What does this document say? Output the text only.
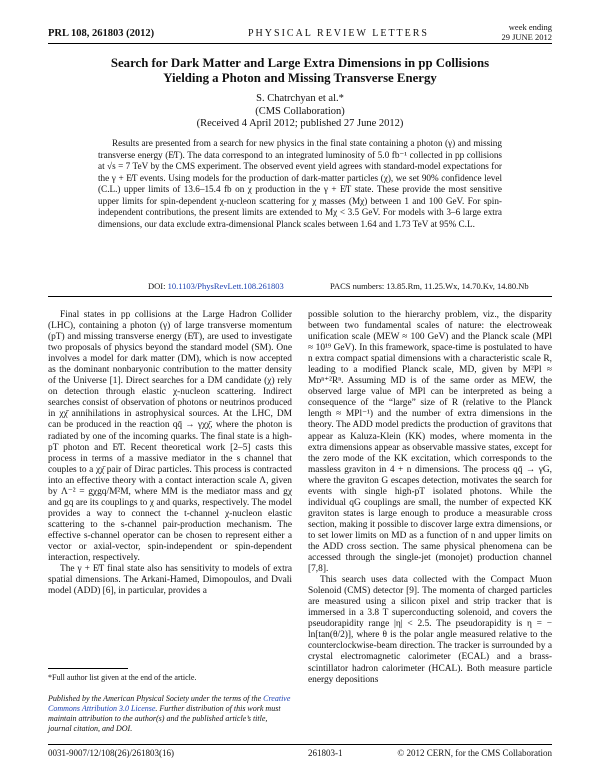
PRL 108, 261803 (2012)	PHYSICAL REVIEW LETTERS
week ending
29 JUNE 2012
Search for Dark Matter and Large Extra Dimensions in pp Collisions
Yielding a Photon and Missing Transverse Energy
S. Chatrchyan et al.*
(CMS Collaboration)
(Received 4 April 2012; published 27 June 2012)

Results are presented from a search for new physics in the final state containing a photon (γ) and missing transverse energy (E̸T). The data correspond to an integrated luminosity of 5.0 fb⁻¹ collected in pp collisions at √s = 7 TeV by the CMS experiment. The observed event yield agrees with standard-model expectations for the γ + E̸T events. Using models for the production of dark-matter particles (χ), we set 90% confidence level (C.L.) upper limits of 13.6–15.4 fb on χ production in the γ + E̸T state. These provide the most sensitive upper limits for spin-dependent χ-nucleon scattering for χ masses (Mχ) between 1 and 100 GeV. For spin-independent contributions, the present limits are extended to Mχ < 3.5 GeV. For models with 3–6 large extra dimensions, our data exclude extra-dimensional Planck scales between 1.64 and 1.73 TeV at 95% C.L.

DOI: 10.1103/PhysRevLett.108.261803	PACS numbers: 13.85.Rm, 11.25.Wx, 14.70.Kv, 14.80.Nb

Final states in pp collisions at the Large Hadron Collider (LHC), containing a photon (γ) of large transverse momentum (pT) and missing transverse energy (E̸T), are used to investigate two proposals of physics beyond the standard model (SM). One involves a model for dark matter (DM), which is now accepted as the dominant nonbaryonic contribution to the matter density of the Universe [1]. Direct searches for a DM candidate (χ) rely on detection through elastic χ-nucleon scattering. Indirect searches consist of observation of photons or neutrinos produced in χχ̄ annihilations in astrophysical sources. At the LHC, DM can be produced in the reaction qq̄ → γχχ̄, where the photon is radiated by one of the incoming quarks. The final state is a high-pT photon and E̸T. Recent theoretical work [2–5] casts this process in terms of a massive mediator in the s channel that couples to a χχ̄ pair of Dirac particles. This process is contracted into an effective theory with a contact interaction scale Λ, given by Λ⁻² = gχgq/M²M, where MM is the mediator mass and gχ and gq are its couplings to χ and quarks, respectively. The model provides a way to connect the t-channel χ-nucleon elastic scattering to the s-channel pair-production mechanism. The effective s-channel operator can be chosen to represent either a vector or axial-vector, spin-independent or spin-dependent interaction, respectively.

The γ + E̸T final state also has sensitivity to models of extra spatial dimensions. The Arkani-Hamed, Dimopoulos, and Dvali model (ADD) [6], in particular, provides a

possible solution to the hierarchy problem, viz., the disparity between two fundamental scales of nature: the electroweak unification scale (MEW ≈ 100 GeV) and the Planck scale (MPl ≈ 10¹⁹ GeV). In this framework, space-time is postulated to have n extra compact spatial dimensions with a characteristic scale R, leading to a modified Planck scale, MD, given by M²Pl ≈ Mᴅⁿ⁺²Rⁿ. Assuming MD is of the same order as MEW, the observed large value of MPl can be interpreted as being a consequence of the “large” size of R (relative to the Planck length ≈ MPl⁻¹) and the number of extra dimensions in the theory. The ADD model predicts the production of gravitons that appear as Kaluza-Klein (KK) modes, where momenta in the extra dimensions appear as observable massive states, except for the zero mode of the KK excitation, which corresponds to the massless graviton in 4 + n dimensions. The process qq̄ → γG, where the graviton G escapes detection, motivates the search for events with single high-pT isolated photons. While the individual qG couplings are small, the number of expected KK graviton states is large enough to produce a measurable cross section, making it possible to discover large extra dimensions, or to set lower limits on MD as a function of n and upper limits on the ADD cross section. The same physical phenomena can be accessed through the single-jet (monojet) production channel [7,8].

This search uses data collected with the Compact Muon Solenoid (CMS) detector [9]. The momenta of charged particles are measured using a silicon pixel and strip tracker that is immersed in a 3.8 T superconducting solenoid, and covers the pseudorapidity range |η| < 2.5. The pseudorapidity is η = − ln[tan(θ/2)], where θ is the polar angle measured relative to the counterclockwise-beam direction. The tracker is surrounded by a crystal electromagnetic calorimeter (ECAL) and a brass-scintillator hadron calorimeter (HCAL). Both measure particle energy depositions

*Full author list given at the end of the article.
Published by the American Physical Society under the terms of the Creative Commons Attribution 3.0 License. Further distribution of this work must maintain attribution to the author(s) and the published article’s title, journal citation, and DOI.
0031-9007/12/108(26)/261803(16)	261803-1	© 2012 CERN, for the CMS Collaboration
